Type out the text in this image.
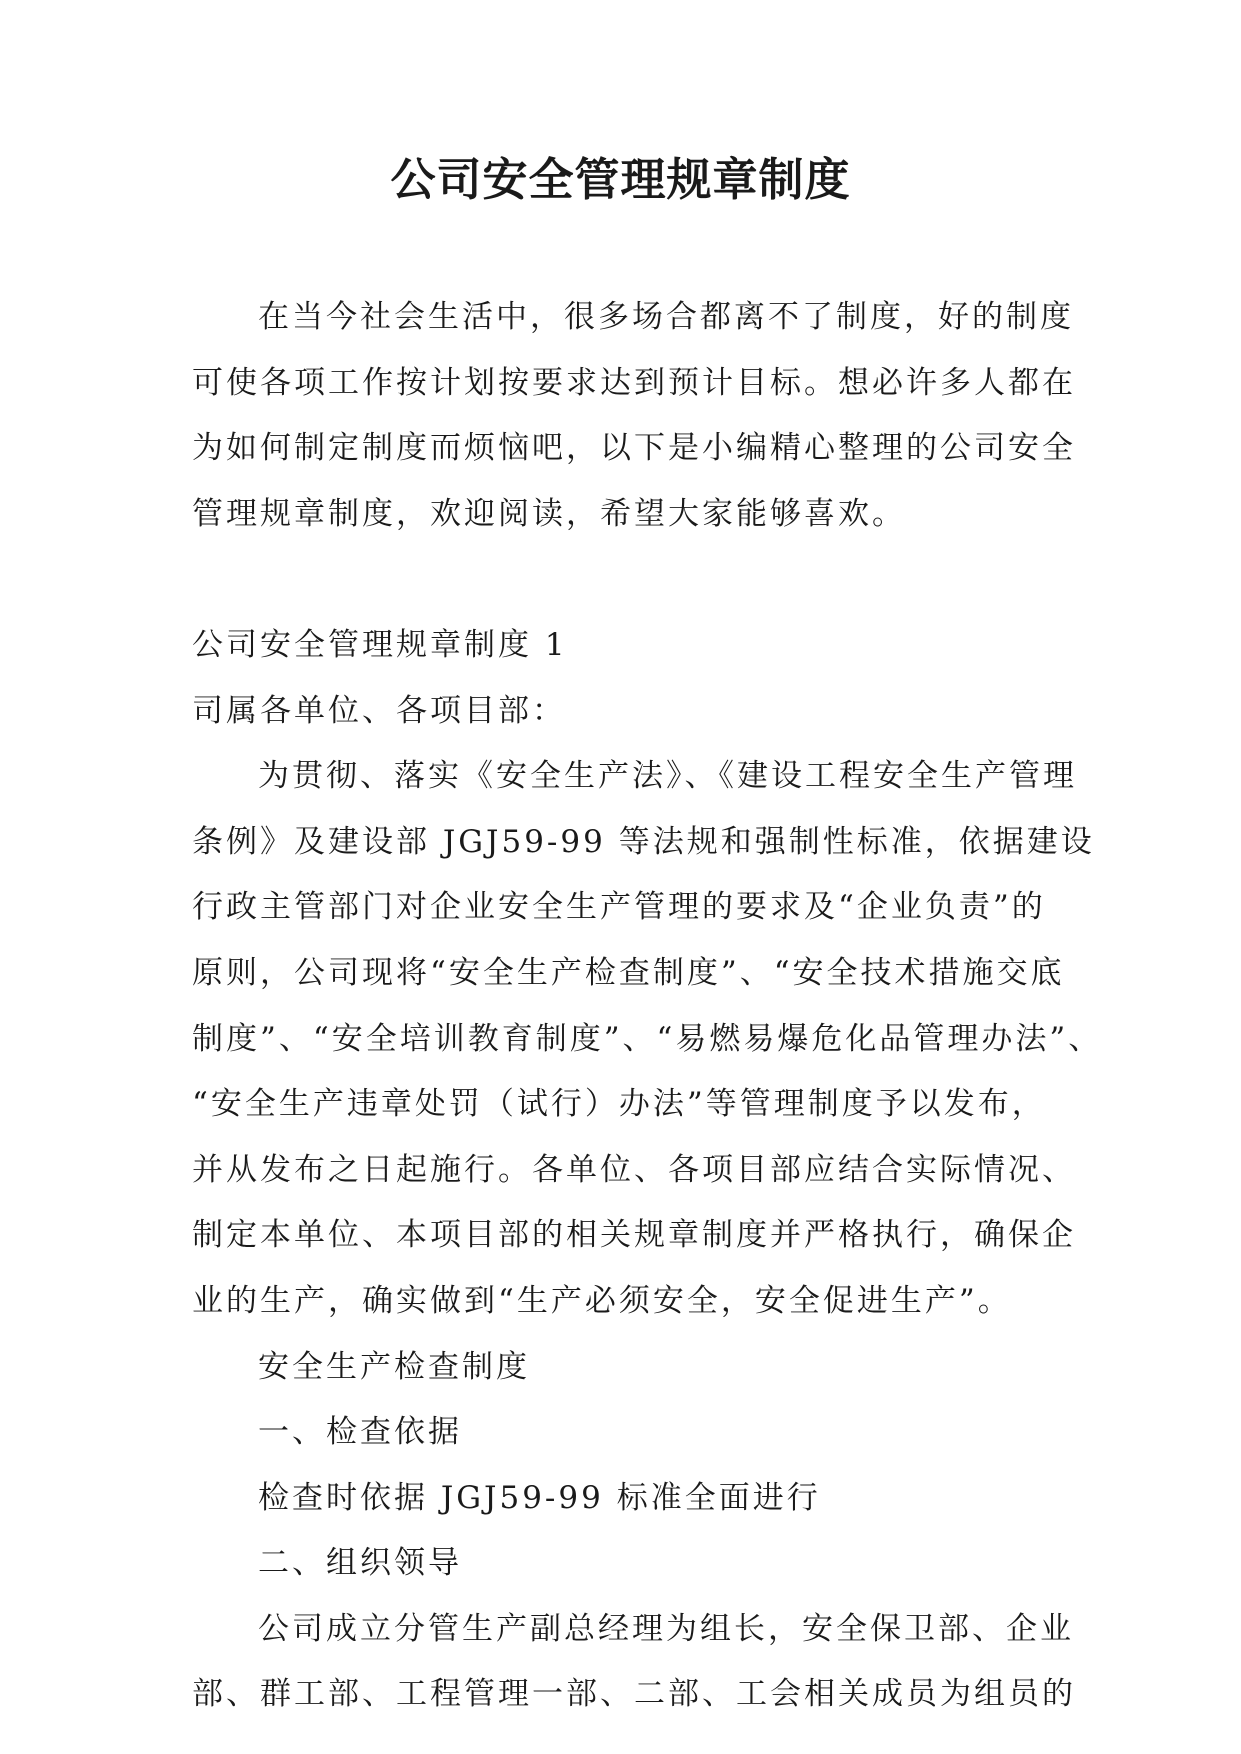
公司安全管理规章制度
在当今社会生活中，很多场合都离不了制度，好的制度
可使各项工作按计划按要求达到预计目标。想必许多人都在
为如何制定制度而烦恼吧，以下是小编精心整理的公司安全
管理规章制度，欢迎阅读，希望大家能够喜欢。
公司安全管理规章制度 1
司属各单位、各项目部：
为贯彻、落实《安全生产法》、《建设工程安全生产管理
条例》及建设部 JGJ59-99 等法规和强制性标准，依据建设
行政主管部门对企业安全生产管理的要求及“企业负责”的
原则，公司现将“安全生产检查制度”、“安全技术措施交底
制度”、“安全培训教育制度”、“易燃易爆危化品管理办法”、
“安全生产违章处罚（试行）办法”等管理制度予以发布，
并从发布之日起施行。各单位、各项目部应结合实际情况、
制定本单位、本项目部的相关规章制度并严格执行，确保企
业的生产，确实做到“生产必须安全，安全促进生产”。
安全生产检查制度
一、检查依据
检查时依据 JGJ59-99 标准全面进行
二、组织领导
公司成立分管生产副总经理为组长，安全保卫部、企业
部、群工部、工程管理一部、二部、工会相关成员为组员的
